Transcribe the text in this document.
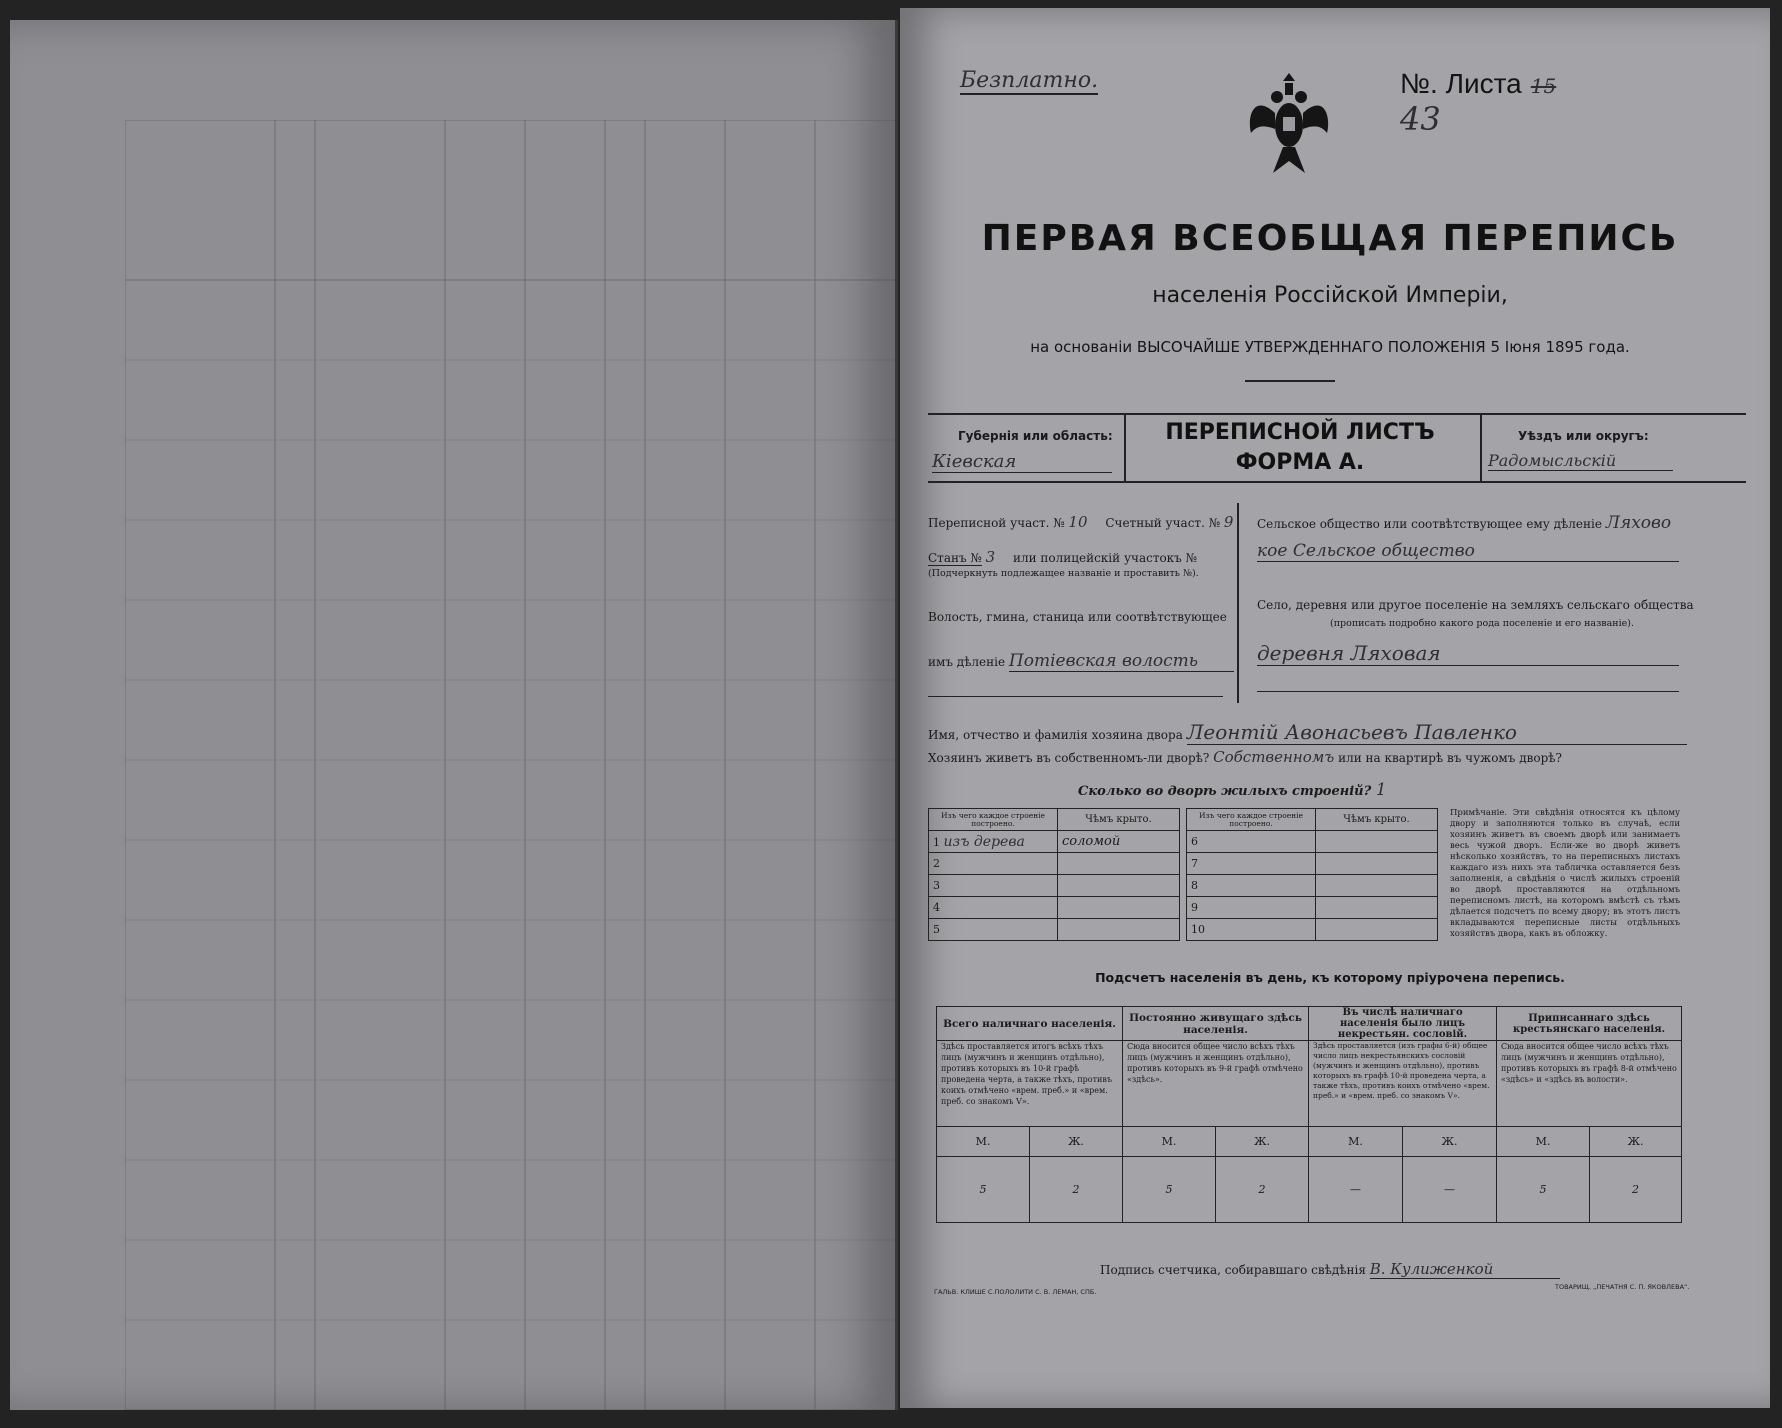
Безплатно.	№. Листа 15 43
ПЕРВАЯ ВСЕОБЩАЯ ПЕРЕПИСЬ
населенія Россійской Имперіи,
на основаніи ВЫСОЧАЙШЕ УТВЕРЖДЕННАГО ПОЛОЖЕНІЯ 5 Іюня 1895 года.
Губернія или область:
Кіевская
ПЕРЕПИСНОЙ ЛИСТЪ
ФОРМА А.
Уѣздъ или округъ:
Радомысльскій
Переписной участ. № 10 Счетный участ. № 9
Станъ № 3 или полицейскій участокъ №
(Подчеркнуть подлежащее названіе и проставить №).
Волость, гмина, станица или соотвѣтствующее
имъ дѣленіе Потіевская волость
Сельское общество или соотвѣтствующее ему дѣленіе Ляхово
кое Сельское общество
Село, деревня или другое поселеніе на земляхъ сельскаго общества
(прописать подробно какого рода поселеніе и его названіе).
деревня Ляховая
Имя, отчество и фамилія хозяина двора Леонтій Авонасьевъ Павленко
Хозяинъ живетъ въ собственномъ-ли дворѣ? Собственномъ или на квартирѣ въ чужомъ дворѣ?
Сколько во дворѣ жилыхъ строеній? 1
Изъ чего каждое строеніе построено.	Чѣмъ крыто.
1 изъ дерева	соломой
2	
3	
4	
5	
Изъ чего каждое строеніе построено.	Чѣмъ крыто.
6	
7	
8	
9	
10	
Примѣчаніе. Эти свѣдѣнія относятся къ цѣлому двору и заполняются только въ случаѣ, если хозяинъ живетъ въ своемъ дворѣ или занимаетъ весь чужой дворъ. Если-же во дворѣ живетъ нѣсколько хозяйствъ, то на переписныхъ листахъ каждаго изъ нихъ эта табличка оставляется безъ заполненія, а свѣдѣнія о числѣ жилыхъ строеній во дворѣ проставляются на отдѣльномъ переписномъ листѣ, на которомъ вмѣстѣ съ тѣмъ дѣлается подсчетъ по всему двору; въ этотъ листъ вкладываются переписные листы отдѣльныхъ хозяйствъ двора, какъ въ обложку.
Подсчетъ населенія въ день, къ которому пріурочена перепись.
Всего наличнаго населенія.		Постоянно живущаго здѣсь населенія.		Въ числѣ наличнаго населенія было лицъ некрестьян. сословій.		Приписаннаго здѣсь крестьянскаго населенія.	
Здѣсь проставляется итогъ всѣхъ тѣхъ лицъ (мужчинъ и женщинъ отдѣльно), противъ которыхъ въ 10-й графѣ проведена черта, а также тѣхъ, противъ коихъ отмѣчено «врем. преб.» и «врем. преб. со знакомъ V».		Сюда вносится общее число всѣхъ тѣхъ лицъ (мужчинъ и женщинъ отдѣльно), противъ которыхъ въ 9-й графѣ отмѣчено «здѣсь».		Здѣсь проставляется (изъ графы 6-й) общее число лицъ некрестьянскихъ сословій (мужчинъ и женщинъ отдѣльно), противъ которыхъ въ графѣ 10-й проведена черта, а также тѣхъ, противъ коихъ отмѣчено «врем. преб.» и «врем. преб. со знакомъ V».		Сюда вносится общее число всѣхъ тѣхъ лицъ (мужчинъ и женщинъ отдѣльно), противъ которыхъ въ графѣ 8-й отмѣчено «здѣсь» и «здѣсь въ волости».	
М.	Ж.	М.	Ж.	М.	Ж.	М.	Ж.
5	2	5	2	—	—	5	2
Подпись счетчика, собиравшаго свѣдѣнія В. Кулиженкой
ГАЛЬВ. КЛИШЕ С.ПОЛОЛИТИ С. В. ЛЕМАН, СПБ.
ТОВАРИЩ. „ПЕЧАТНЯ С. П. ЯКОВЛЕВА“.
